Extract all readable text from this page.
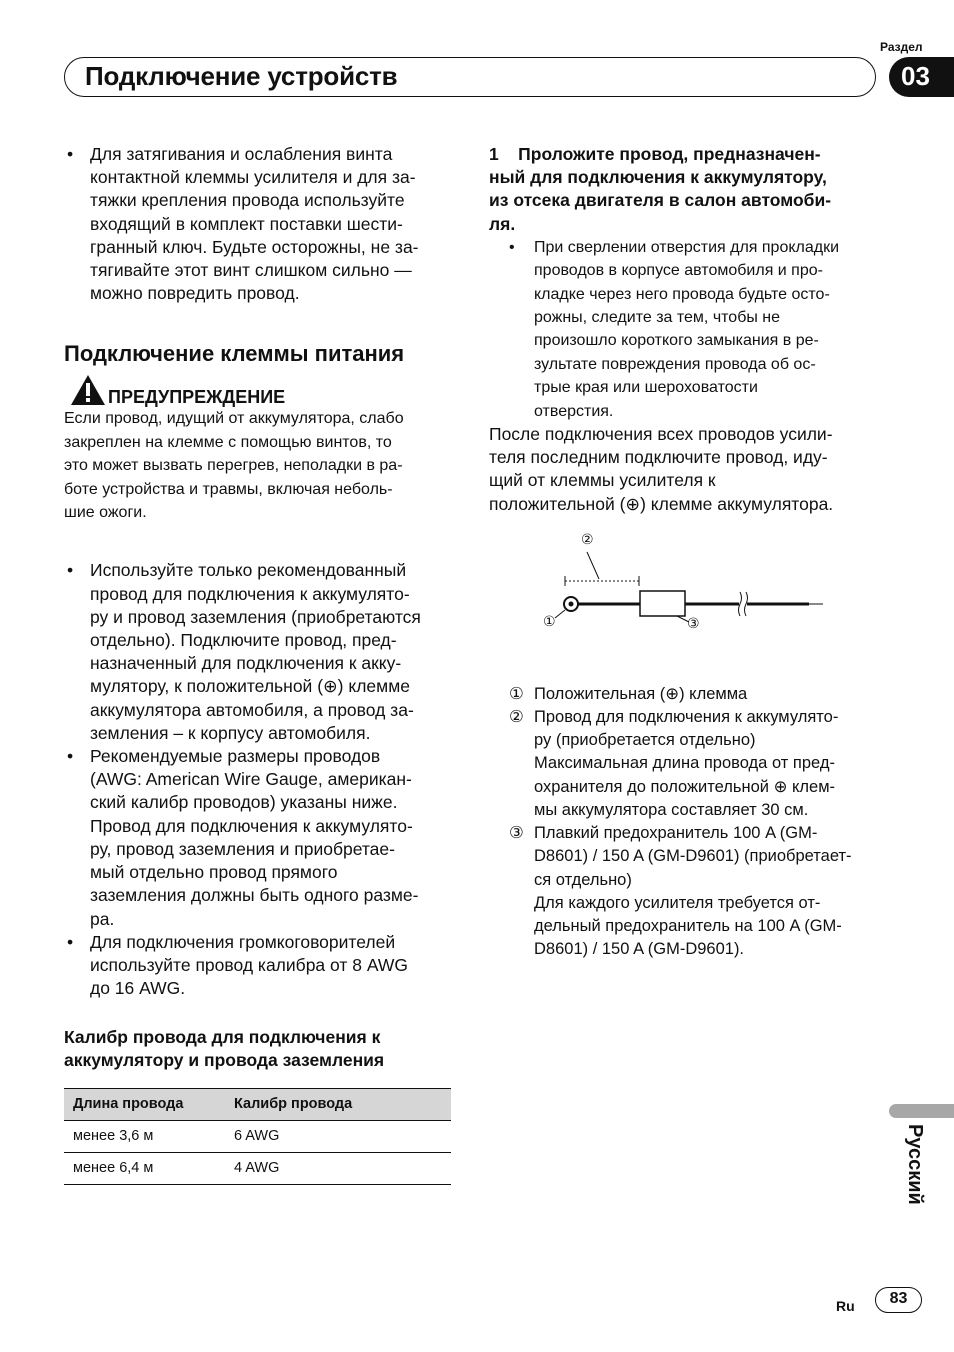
Раздел
Подключение устройств	03
• Для затягивания и ослабления винта
контактной клеммы усилителя и для за-
тяжки крепления провода используйте
входящий в комплект поставки шести-
гранный ключ. Будьте осторожны, не за-
тягивайте этот винт слишком сильно —
можно повредить провод.
Подключение клеммы питания
ПРЕДУПРЕЖДЕНИЕ
Если провод, идущий от аккумулятора, слабо
закреплен на клемме с помощью винтов, то
это может вызвать перегрев, неполадки в ра-
боте устройства и травмы, включая неболь-
шие ожоги.
• Используйте только рекомендованный
провод для подключения к аккумулято-
ру и провод заземления (приобретаются
отдельно). Подключите провод, пред-
назначенный для подключения к акку-
мулятору, к положительной (⊕) клемме
аккумулятора автомобиля, а провод за-
земления – к корпусу автомобиля.
• Рекомендуемые размеры проводов
(AWG: American Wire Gauge, американ-
ский калибр проводов) указаны ниже.
Провод для подключения к аккумулято-
ру, провод заземления и приобретае-
мый отдельно провод прямого
заземления должны быть одного разме-
ра.
• Для подключения громкоговорителей
используйте провод калибра от 8 AWG
до 16 AWG.
Калибр провода для подключения к
аккумулятору и провода заземления
Длина провода	Калибр провода
менее 3,6 м	6 AWG
менее 6,4 м	4 AWG
1    Проложите провод, предназначен-
ный для подключения к аккумулятору,
из отсека двигателя в салон автомоби-
ля.
• При сверлении отверстия для прокладки
проводов в корпусе автомобиля и про-
кладке через него провода будьте осто-
рожны, следите за тем, чтобы не
произошло короткого замыкания в ре-
зультате повреждения провода об ос-
трые края или шероховатости
отверстия.
После подключения всех проводов усили-
теля последним подключите провод, иду-
щий от клеммы усилителя к
положительной (⊕) клемме аккумулятора.
②
①	③
① Положительная (⊕) клемма
② Провод для подключения к аккумулято-
ру (приобретается отдельно)
Максимальная длина провода от пред-
охранителя до положительной ⊕ клем-
мы аккумулятора составляет 30 см.
③ Плавкий предохранитель 100 A (GM-
D8601) / 150 A (GM-D9601) (приобретает-
ся отдельно)
Для каждого усилителя требуется от-
дельный предохранитель на 100 A (GM-
D8601) / 150 A (GM-D9601).
Русский
Ru	83
